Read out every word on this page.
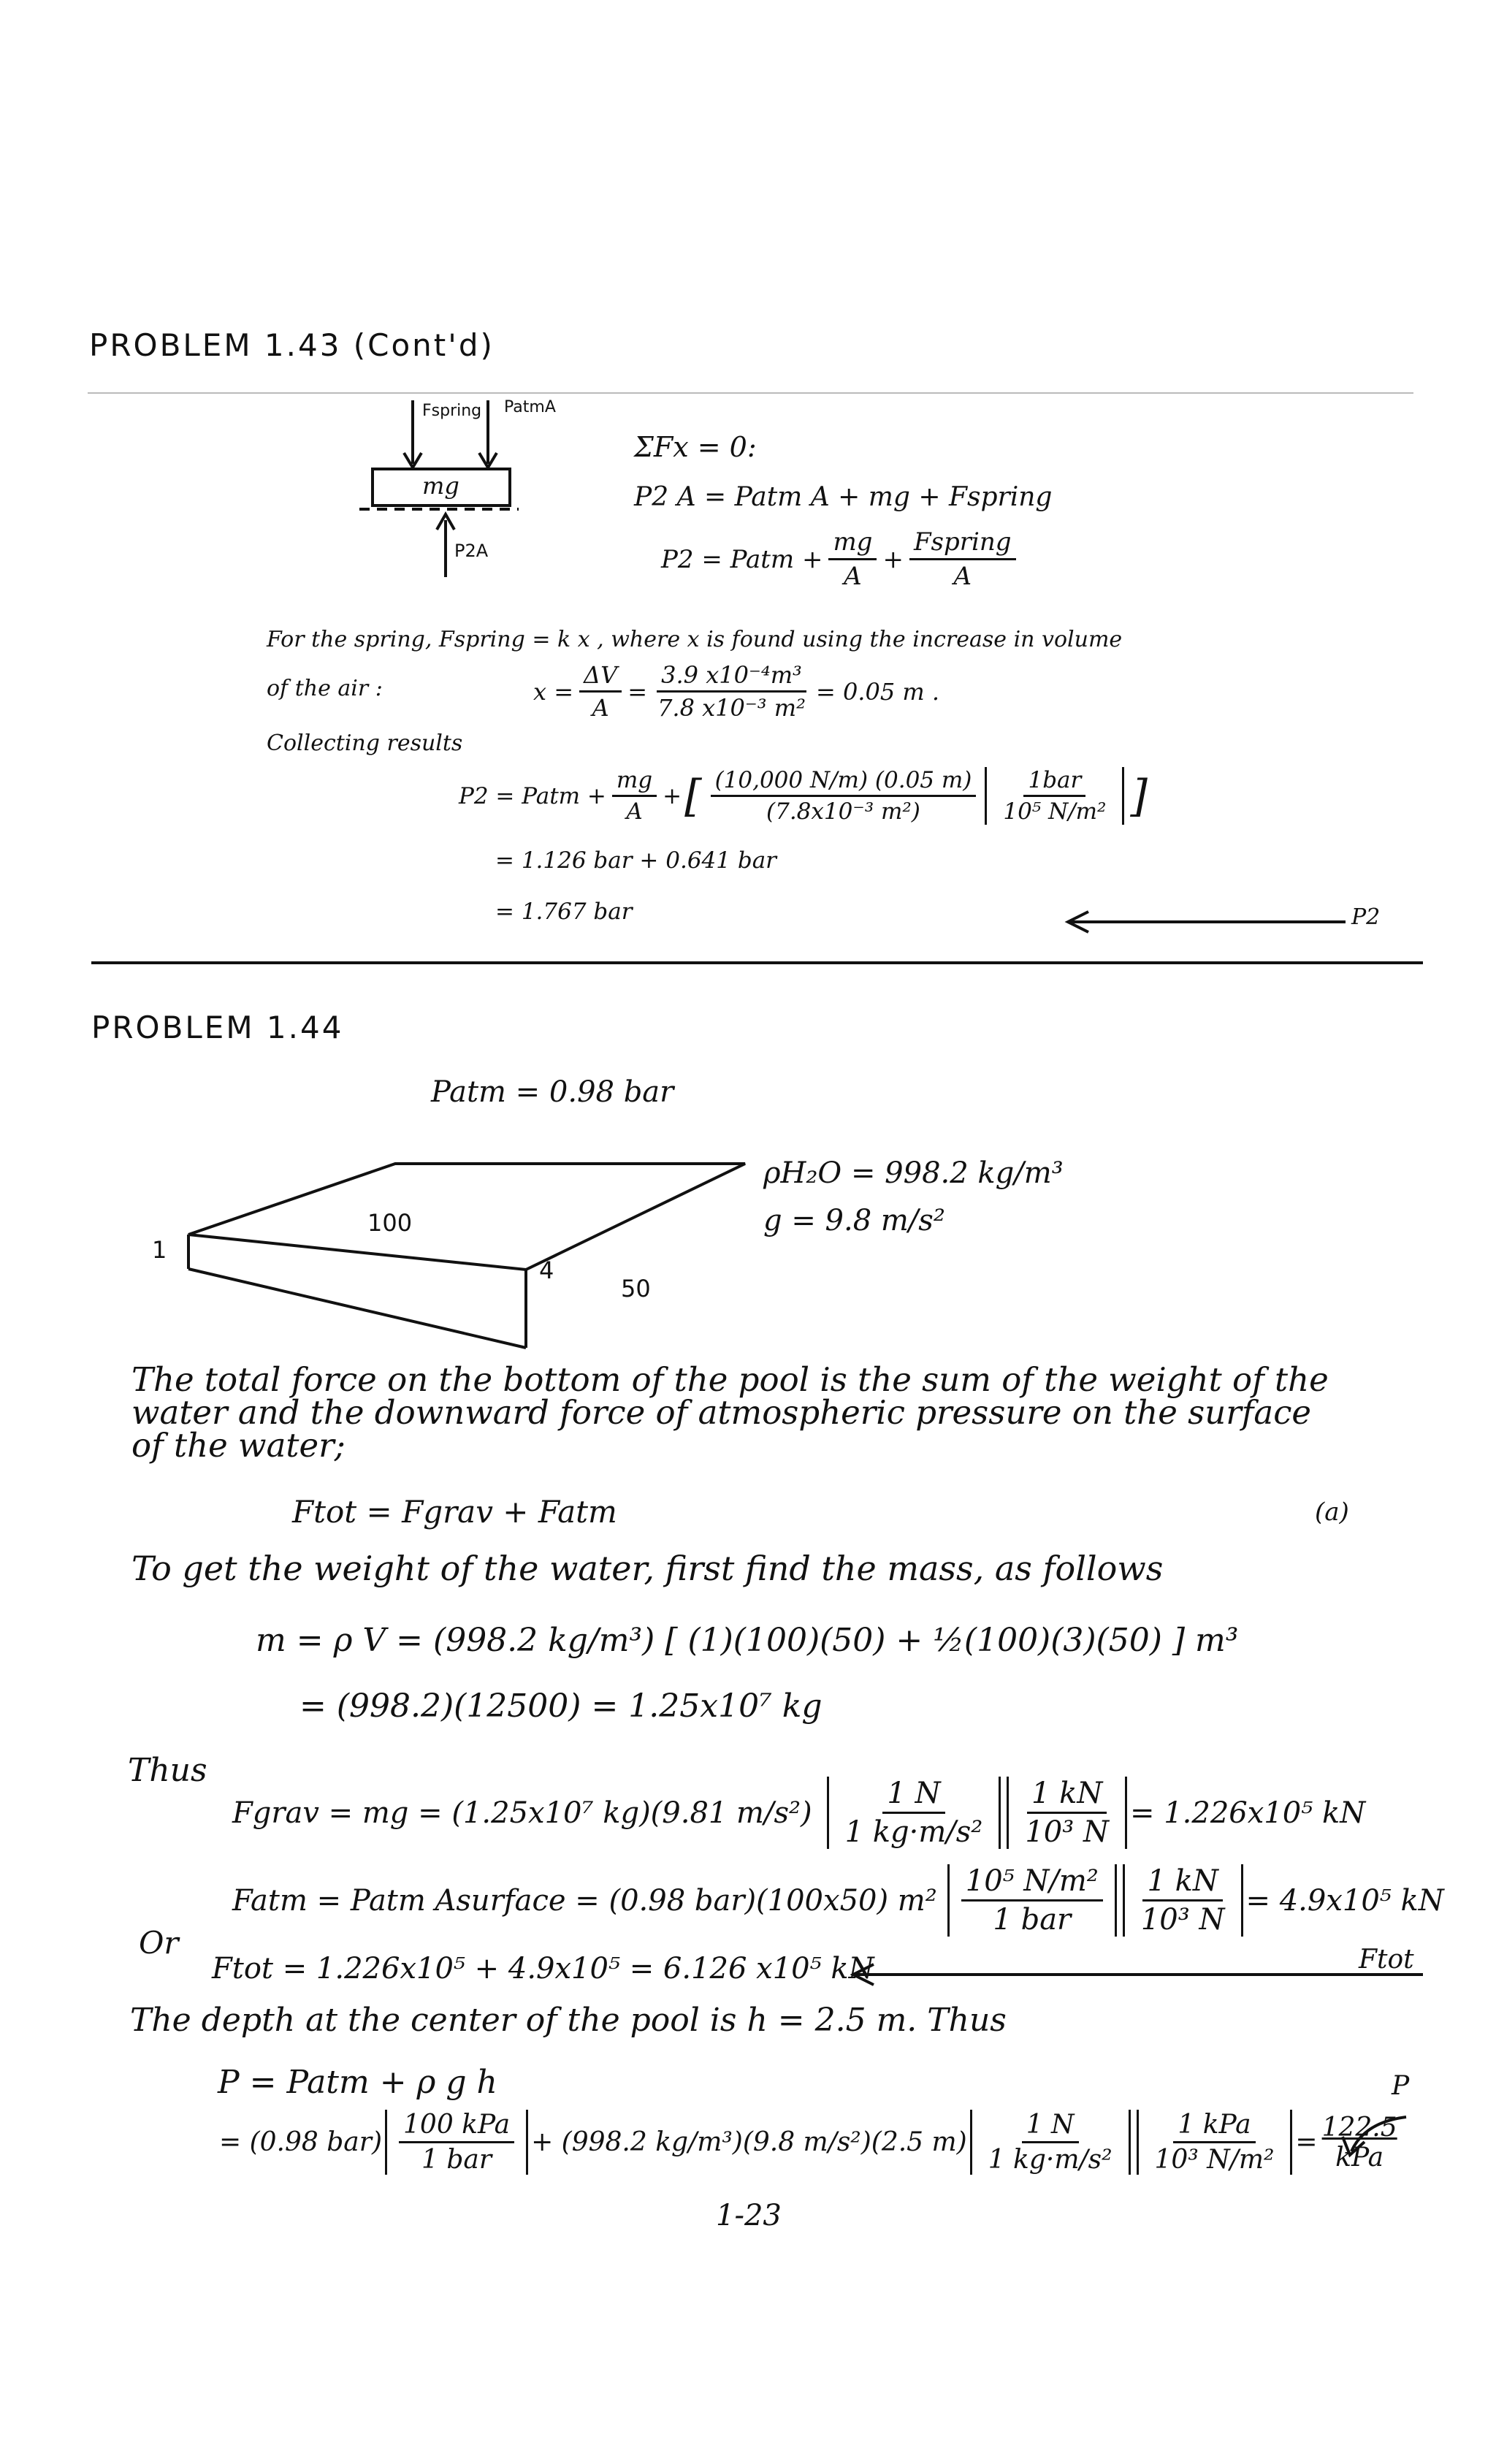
PROBLEM 1.43 (Cont'd)
Fspring PatmA
mg
P2A
ΣFx = 0:
P2 A = Patm A + mg + Fspring
P2 = Patm + $\frac{mg}{A} + \frac{\text{Fspring}}{A}$
For the spring, Fspring = k x , where x is found using the increase in volume
of the air :	$x = \frac{\Delta V}{A} = \frac{\text{3.9 x10⁻⁴m³}}{\text{7.8 x10⁻³ m²}} = 0.05$ m .
Collecting results
P2 = Patm + $\frac{mg}{A}$ + [ $\frac{(10,000 N/m) (0.05 m)}{\text{(7.8x10⁻³ m²)}} \frac{\text{1bar}}{\text{10⁵ N/m²}}$ ]
= 1.126 bar + 0.641 bar
= 1.767 bar	P2
PROBLEM 1.44
Patm = 0.98 bar
100
1
4
50
ρH₂O = 998.2 kg/m³
g = 9.8 m/s²
The total force on the bottom of the pool is the sum of the weight of the
water and the downward force of atmospheric pressure on the surface
of the water;
Ftot = Fgrav + Fatm	(a)
To get the weight of the water, first find the mass, as follows
m = ρ V = (998.2 kg/m³) [ (1)(100)(50) + ½(100)(3)(50) ] m³
= (998.2)(12500) = 1.25x10⁷ kg
Thus
Fgrav = mg = (1.25x10⁷ kg)(9.81 $m/s^2) \frac{1 N}{\text{1 kg·m/s²}} \frac{1 kN}{\text{10³ N}} = 1.226x10^5$ kN
Fatm = Patm Asurface = (0.98 bar)(100x50) $m^2 \frac{\text{10⁵ N/m²}}{\text{1 bar}} \frac{1 kN}{\text{10³ N}} = 4.9x10^5$ kN
Or
Ftot = 1.226x10⁵ + 4.9x10⁵ = 6.126 x10⁵ kN	Ftot
The depth at the center of the pool is h = 2.5 m. Thus
P = Patm + ρ g h	P
= (0.98 $bar) \frac{\text{100 kPa}}{\text{1 bar}} + (998.2$ kg/m³)(9.8 m/s²)(2.5 $m) \frac{1 N}{\text{1 kg·m/s²}} \frac{\text{1 kPa}}{\text{10³ N/m²}} = 122.5$
kPa
1-23
